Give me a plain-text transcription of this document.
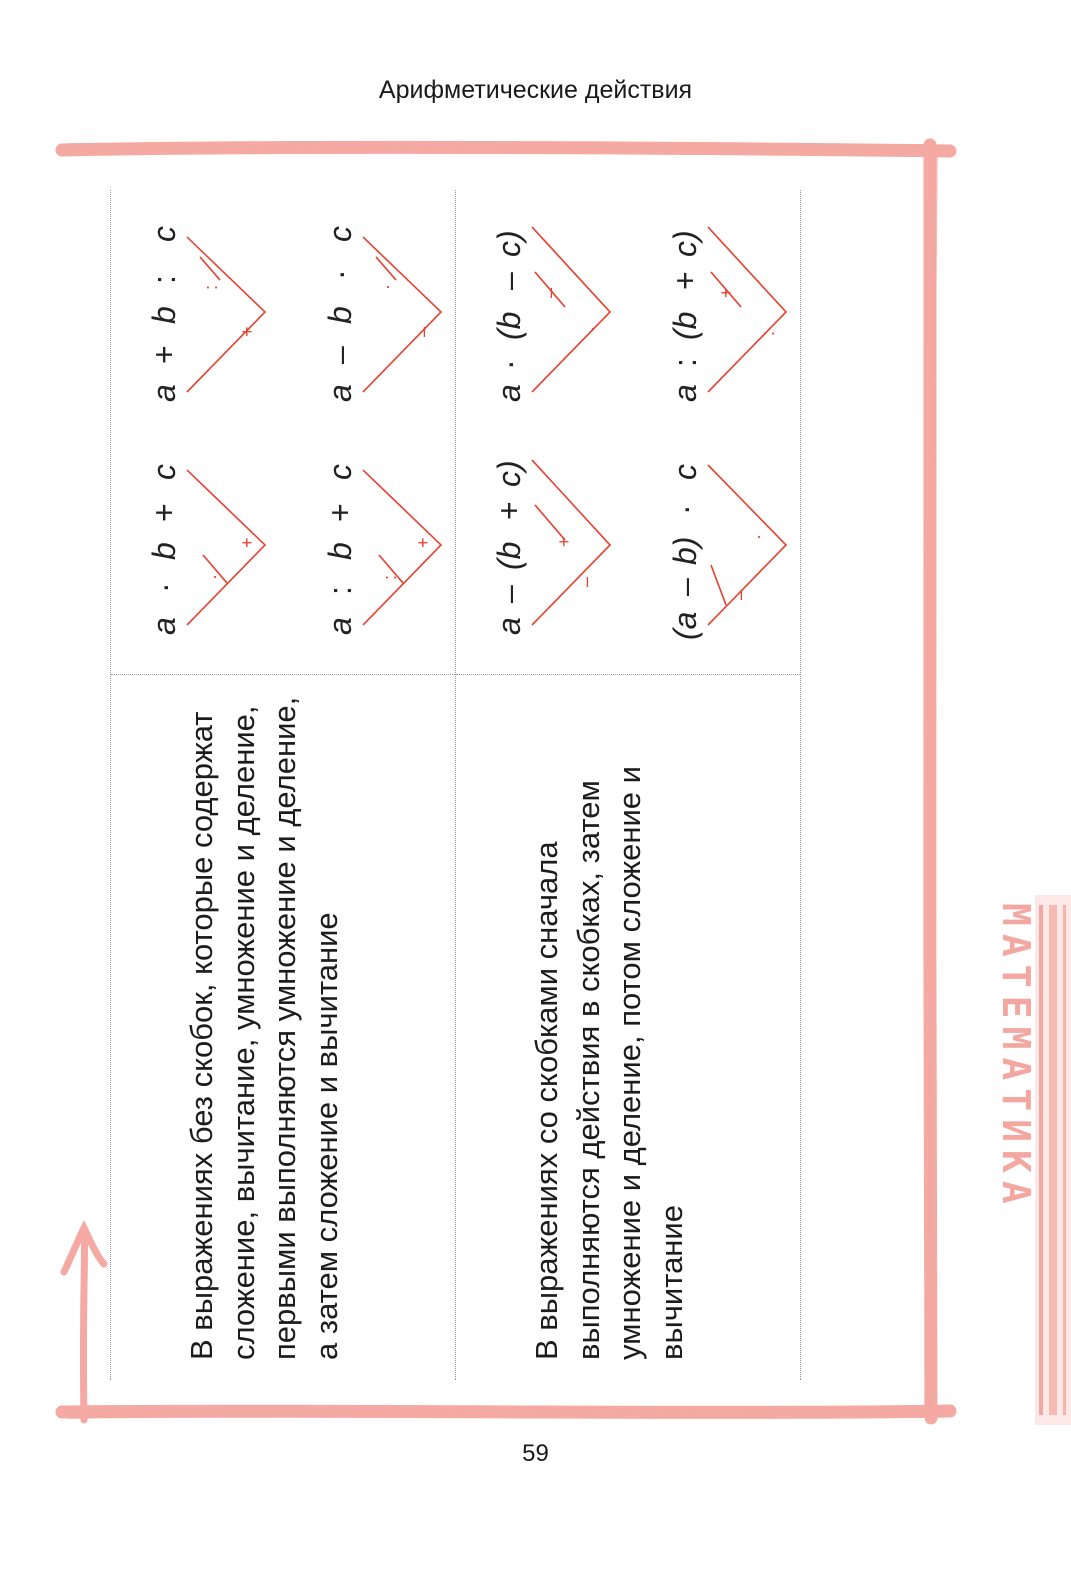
Арифметические действия
В выражениях без скобок, которые содержат сложение, вычитание, умножение и деление, первыми выполняются умножение и деление, а затем сложение и вычитание
a
·
b
+
c
·
+
a
+
b
:
c
:
+
a
:
b
+
c
:
+
a
–
b
·
c
·
–
В выражениях со скобками сначала выполняются действия в скобках, затем умножение и деление, потом сложение и вычитание
a
–
(b
+
c)
+
–
a
·
(b
–
c)
–
·
(a
–
b)
·
c
–
·
a
:
(b
+
c)
+
:
МАТЕМАТИКА
59
